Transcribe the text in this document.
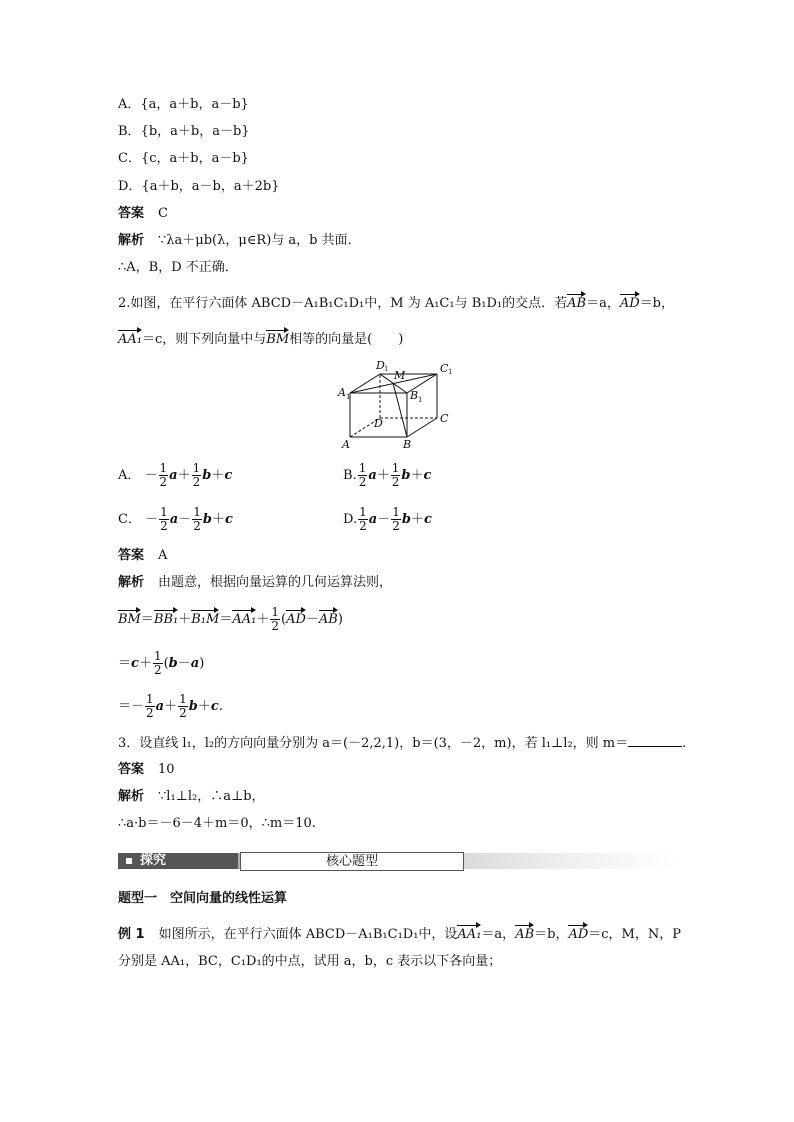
A．{a，a＋b，a－b}
B．{b，a＋b，a－b}
C．{c，a＋b，a－b}
D．{a＋b，a－b，a＋2b}
答案 C
解析 ∵λa＋μb(λ，μ∈R)与 a，b 共面．
∴A，B，D 不正确．
2.如图，在平行六面体 ABCD－A₁B₁C₁D₁中，M 为 A₁C₁与 B₁D₁的交点．若AB＝a，AD＝b，
AA₁＝c，则下列向量中与BM相等的向量是(　　)
A	B
C
D
A	B
C
D
M
1	1
1
1
A． － $\frac{1}{2} a+ \frac{1}{2} b+c$	B. $\frac{1}{2} a+ \frac{1}{2} b+c$
C． － $\frac{1}{2} a- \frac{1}{2} b+c$	D. $\frac{1}{2} a- \frac{1}{2} b+c$
答案 A
解析 由题意，根据向量运算的几何运算法则，
$BM=BB_1+B_1M=AA_1+ \frac{1}{2} (AD-AB)$
$=c+ \frac{1}{2} (b-a)$
＝－ $\frac{1}{2} a+ \frac{1}{2} b+c$.
3．设直线 l₁，l₂的方向向量分别为 a＝(－2,2,1)，b＝(3，－2，m)，若 l₁⊥l₂，则 m＝	.
答案 10
解析 ∵l₁⊥l₂，∴a⊥b，
∴a·b＝－6－4＋m＝0，∴m＝10.
探究	核心题型
题型一　空间向量的线性运算
例 1 如图所示，在平行六面体 ABCD－A₁B₁C₁D₁中，设AA₁＝a，AB＝b，AD＝c，M，N，P
分别是 AA₁，BC，C₁D₁的中点，试用 a，b，c 表示以下各向量；
